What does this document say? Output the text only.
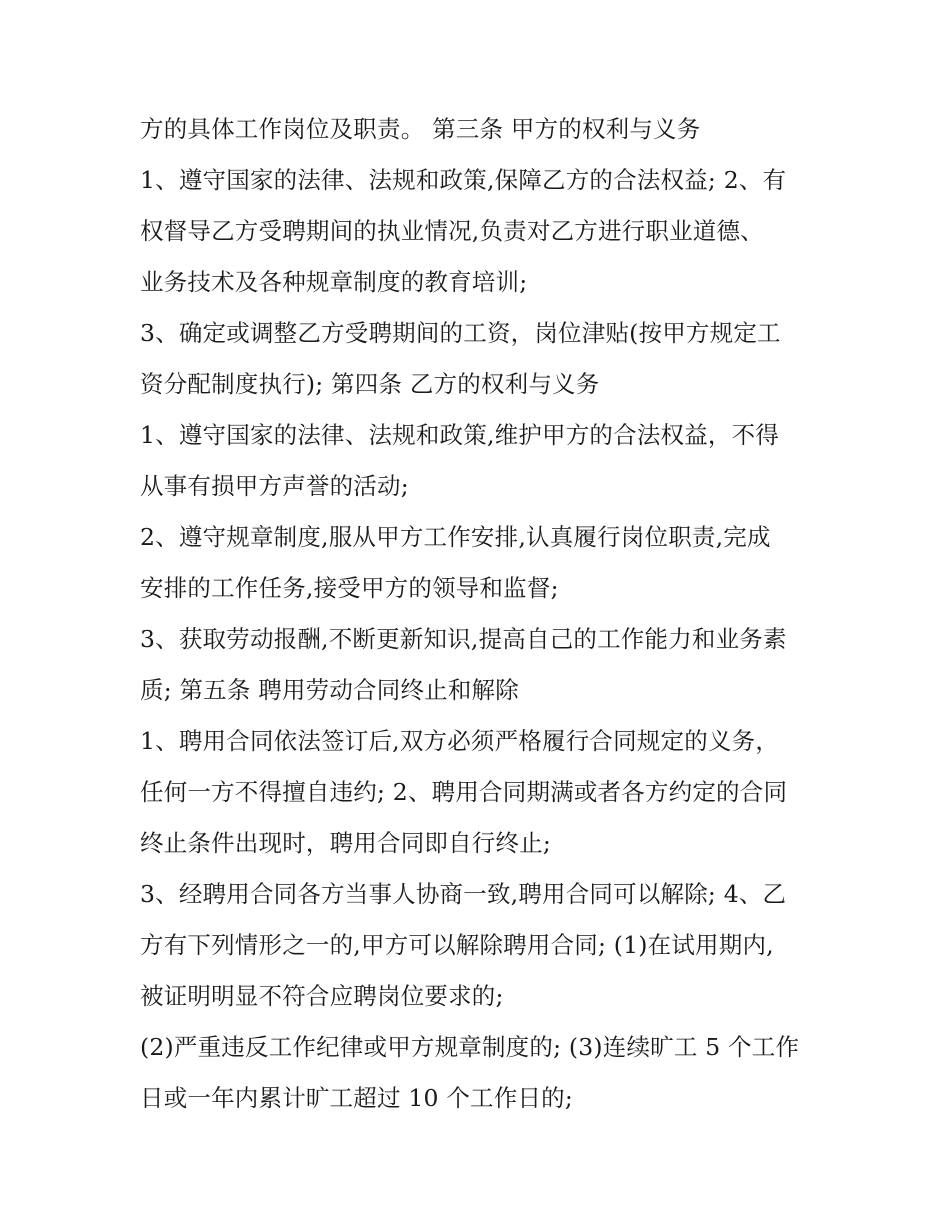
方的具体工作岗位及职责。 第三条 甲方的权利与义务
1、遵守国家的法律、法规和政策,保障乙方的合法权益; 2、有
权督导乙方受聘期间的执业情况,负责对乙方进行职业道德、
业务技术及各种规章制度的教育培训;
3、确定或调整乙方受聘期间的工资，岗位津贴(按甲方规定工
资分配制度执行); 第四条 乙方的权利与义务
1、遵守国家的法律、法规和政策,维护甲方的合法权益，不得
从事有损甲方声誉的活动;
2、遵守规章制度,服从甲方工作安排,认真履行岗位职责,完成
安排的工作任务,接受甲方的领导和监督;
3、获取劳动报酬,不断更新知识,提高自己的工作能力和业务素
质; 第五条 聘用劳动合同终止和解除
1、聘用合同依法签订后,双方必须严格履行合同规定的义务，
任何一方不得擅自违约; 2、聘用合同期满或者各方约定的合同
终止条件出现时，聘用合同即自行终止;
3、经聘用合同各方当事人协商一致,聘用合同可以解除; 4、乙
方有下列情形之一的,甲方可以解除聘用合同; (1)在试用期内,
被证明明显不符合应聘岗位要求的;
(2)严重违反工作纪律或甲方规章制度的; (3)连续旷工 5 个工作
日或一年内累计旷工超过 10 个工作日的;
